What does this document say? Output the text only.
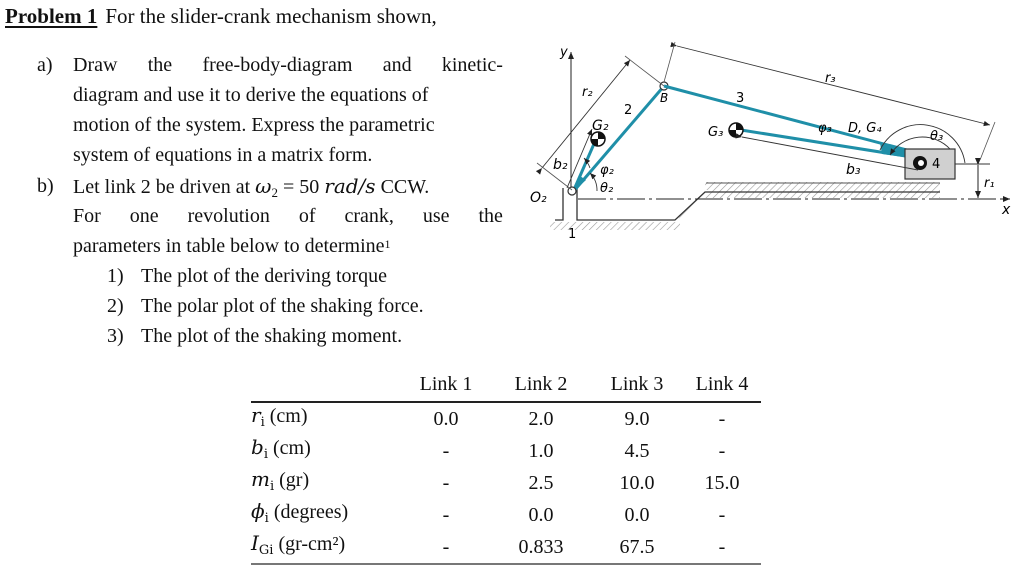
Problem 1 For the slider-crank mechanism shown,
a) Draw the free-body-diagram and kinetic-
diagram and use it to derive the equations of
motion of the system. Express the parametric
system of equations in a matrix form.
b) Let link 2 be driven at $\omega_2 = 50$ rad/s CCW.
For one revolution of crank, use the
parameters in table below to determine$^1$
1) The plot of the deriving torque
2) The polar plot of the shaking force.
3) The plot of the shaking moment.
	Link 1	Link 2	Link 3	Link 4
$r_i$ (cm)	0.0	2.0	9.0	-
$b_i$ (cm)	-	1.0	4.5	-
$m_i$ (gr)	-	2.5	10.0	15.0
$\phi_i$ (degrees)	-	0.0	0.0	-
$I_{Gi}$ (gr-cm²)	-	0.833	67.5	-
x
y
r₁
r₂
b₂
r₃
b₃
O₂
1
G₂
φ₂
θ₂
2
B	3
G₃	φ₃ D, G₄
θ₃
4
